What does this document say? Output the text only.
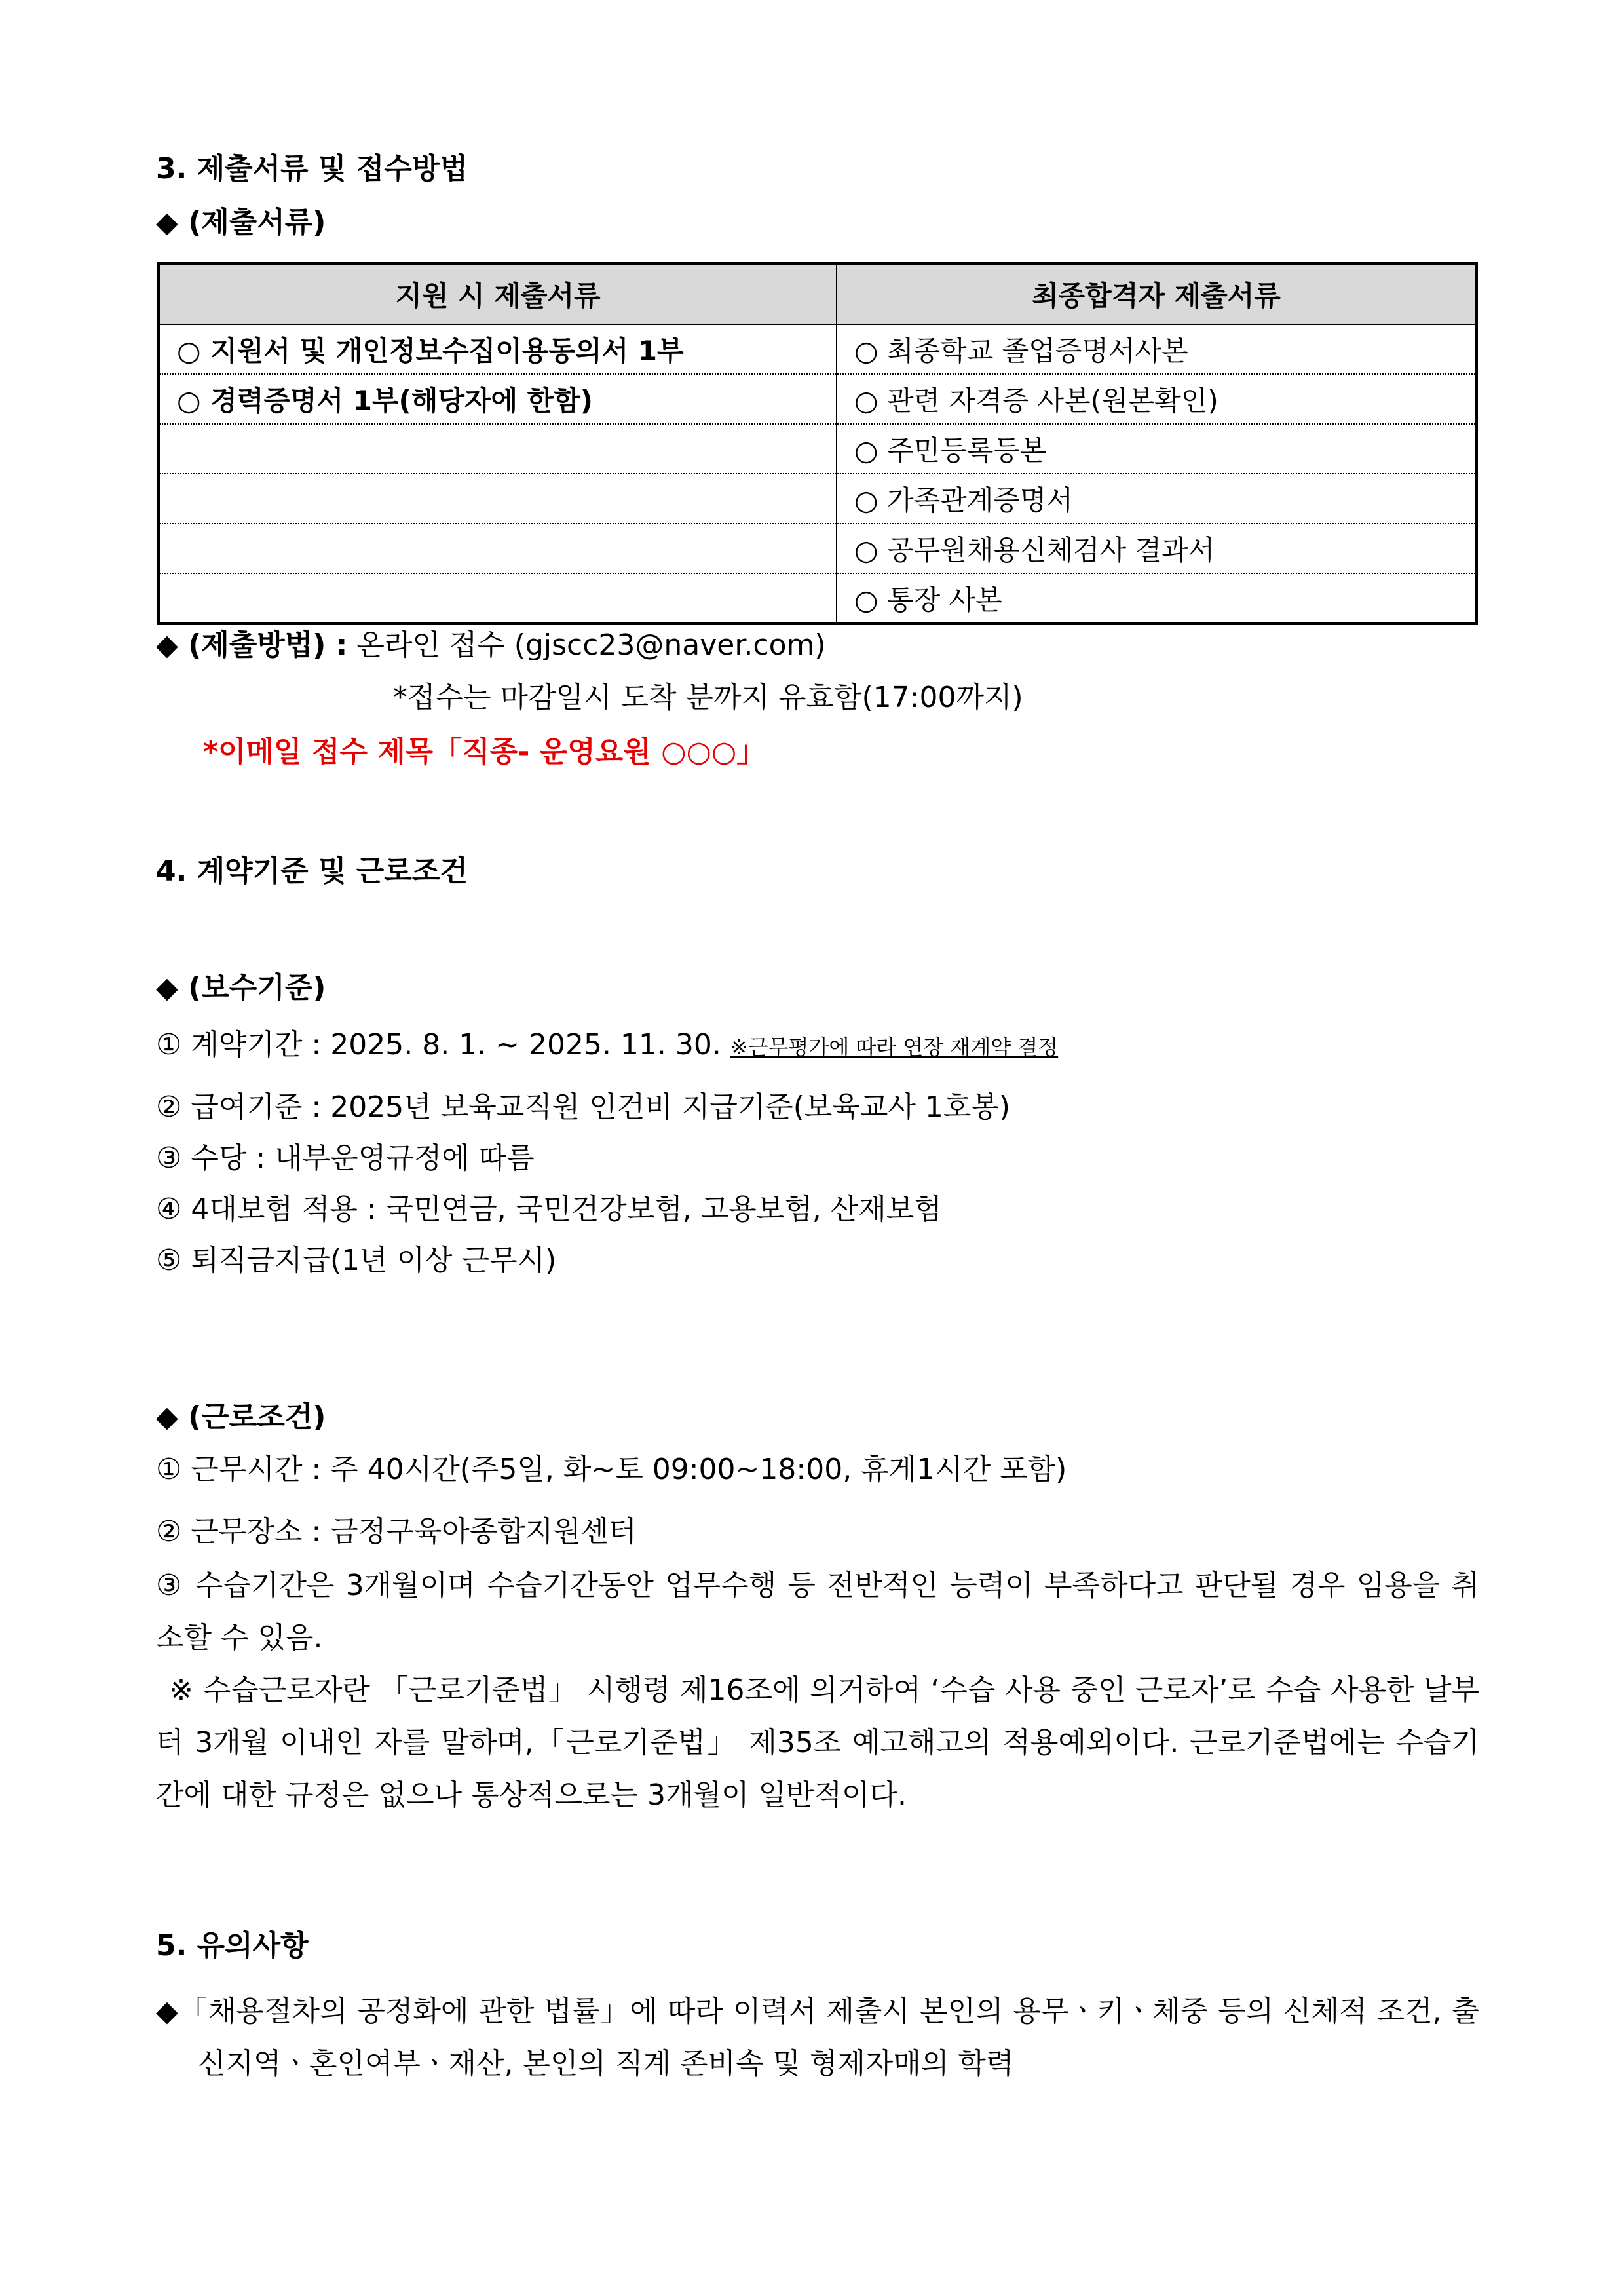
3. 제출서류 및 접수방법
◆ (제출서류)
지원 시 제출서류	최종합격자 제출서류
○ 지원서 및 개인정보수집이용동의서 1부	○ 최종학교 졸업증명서사본
○ 경력증명서 1부(해당자에 한함)	○ 관련 자격증 사본(원본확인)
	○ 주민등록등본
	○ 가족관계증명서
	○ 공무원채용신체검사 결과서
	○ 통장 사본
◆ (제출방법) : 온라인 접수 (gjscc23@naver.com)
*접수는 마감일시 도착 분까지 유효함(17:00까지)
*이메일 접수 제목「직종- 운영요원 ○○○」
4. 계약기준 및 근로조건
◆ (보수기준)
① 계약기간 : 2025. 8. 1. ~ 2025. 11. 30. ※근무평가에 따라 연장 재계약 결정
② 급여기준 : 2025년 보육교직원 인건비 지급기준(보육교사 1호봉)
③ 수당 : 내부운영규정에 따름
④ 4대보험 적용 : 국민연금, 국민건강보험, 고용보험, 산재보험
⑤ 퇴직금지급(1년 이상 근무시)
◆ (근로조건)
① 근무시간 : 주 40시간(주5일, 화~토 09:00~18:00, 휴게1시간 포함)
② 근무장소 : 금정구육아종합지원센터
③ 수습기간은 3개월이며 수습기간동안 업무수행 등 전반적인 능력이 부족하다고 판단될 경우 임용을 취소할 수 있음.
※ 수습근로자란 「근로기준법」 시행령 제16조에 의거하여 ‘수습 사용 중인 근로자’로 수습 사용한 날부터 3개월 이내인 자를 말하며,「근로기준법」 제35조 예고해고의 적용예외이다. 근로기준법에는 수습기간에 대한 규정은 없으나 통상적으로는 3개월이 일반적이다.
5. 유의사항
◆「채용절차의 공정화에 관한 법률」에 따라 이력서 제출시 본인의 용무ㆍ키ㆍ체중 등의 신체적 조건, 출신지역ㆍ혼인여부ㆍ재산, 본인의 직계 존비속 및 형제자매의 학력
